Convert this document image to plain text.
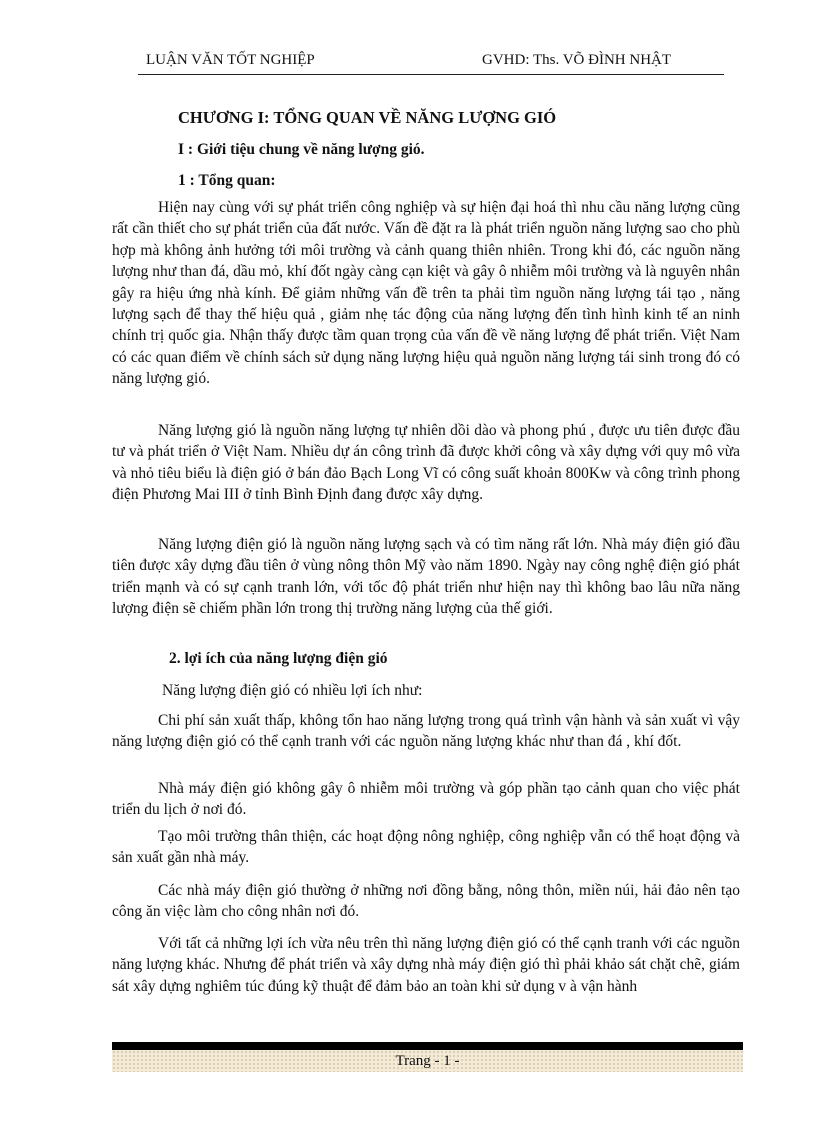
LUẬN VĂN TỐT NGHIỆP	GVHD: Ths. VÕ ĐÌNH NHẬT
CHƯƠNG I: TỔNG QUAN VỀ NĂNG LƯỢNG GIÓ
I : Giới tiệu chung về năng lượng gió.
1 : Tổng quan:

Hiện nay cùng với sự phát triển công nghiệp và sự hiện đại hoá thì nhu cầu năng lượng cũng rất cần thiết cho sự phát triển của đất nước. Vấn đề đặt ra là phát triển nguồn năng lượng sao cho phù hợp mà không ảnh hưởng tới môi trường và cảnh quang thiên nhiên. Trong khi đó, các nguồn năng lượng như than đá, dầu mỏ, khí đốt ngày càng cạn kiệt và gây ô nhiễm môi trường và là nguyên nhân gây ra hiệu ứng nhà kính. Để giảm những vấn đề trên ta phải tìm nguồn năng lượng tái tạo , năng lượng sạch để thay thế hiệu quả , giảm nhẹ tác động của năng lượng đến tình hình kinh tế an ninh chính trị quốc gia. Nhận thấy được tầm quan trọng của vấn đề về năng lượng để phát triển. Việt Nam có các quan điểm về chính sách sử dụng năng lượng hiệu quả nguồn năng lượng tái sinh trong đó có năng lượng gió.

Năng lượng gió là nguồn năng lượng tự nhiên dồi dào và phong phú , được ưu tiên được đầu tư và phát triển ở Việt Nam. Nhiều dự án công trình đã được khởi công và xây dựng với quy mô vừa và nhỏ tiêu biểu là điện gió ở bán đảo Bạch Long Vĩ có công suất khoản 800Kw và công trình phong điện Phương Mai III ở tỉnh Bình Định đang được xây dựng.

Năng lượng điện gió là nguồn năng lượng sạch và có tìm năng rất lớn. Nhà máy điện gió đầu tiên được xây dựng đầu tiên ở vùng nông thôn Mỹ vào năm 1890. Ngày nay công nghệ điện gió phát triển mạnh và có sự cạnh tranh lớn, với tốc độ phát triển như hiện nay thì không bao lâu nữa năng lượng điện sẽ chiếm phần lớn trong thị trường năng lượng của thế giới.

2. lợi ích của năng lượng điện gió

Năng lượng điện gió có nhiều lợi ích như:

Chi phí sản xuất thấp, không tổn hao năng lượng trong quá trình vận hành và sản xuất vì vậy năng lượng điện gió có thể cạnh tranh với các nguồn năng lượng khác như than đá , khí đốt.

Nhà máy điện gió không gây ô nhiễm môi trường và góp phần tạo cảnh quan cho việc phát triển du lịch ở nơi đó.

Tạo môi trường thân thiện, các hoạt động nông nghiệp, công nghiệp vẫn có thể hoạt động và sản xuất gần nhà máy.

Các nhà máy điện gió thường ở những nơi đồng bằng, nông thôn, miền núi, hải đảo nên tạo công ăn việc làm cho công nhân nơi đó.

Với tất cả những lợi ích vừa nêu trên thì năng lượng điện gió có thể cạnh tranh với các nguồn năng lượng khác. Nhưng để phát triển và xây dựng nhà máy điện gió thì phải khảo sát chặt chẽ, giám sát xây dựng nghiêm túc đúng kỹ thuật để đảm bảo an toàn khi sử dụng v à vận hành

Trang - 1 -
